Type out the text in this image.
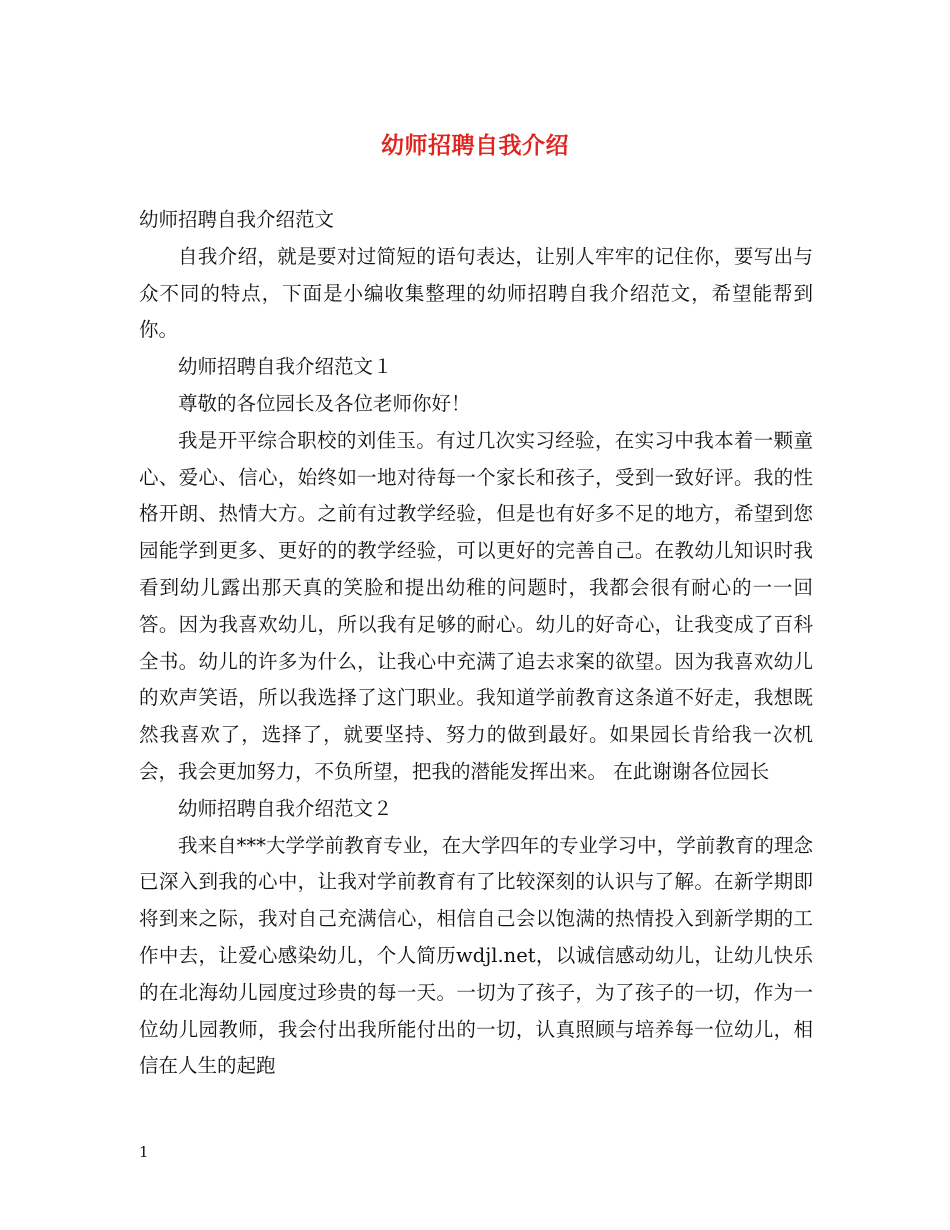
幼师招聘自我介绍

幼师招聘自我介绍范文

自我介绍，就是要对过简短的语句表达，让别人牢牢的记住你，要写出与众不同的特点，下面是小编收集整理的幼师招聘自我介绍范文，希望能帮到你。

幼师招聘自我介绍范文１

尊敬的各位园长及各位老师你好！

我是开平综合职校的刘佳玉。有过几次实习经验，在实习中我本着一颗童心、爱心、信心，始终如一地对待每一个家长和孩子，受到一致好评。我的性格开朗、热情大方。之前有过教学经验，但是也有好多不足的地方，希望到您园能学到更多、更好的的教学经验，可以更好的完善自己。在教幼儿知识时我看到幼儿露出那天真的笑脸和提出幼稚的问题时，我都会很有耐心的一一回答。因为我喜欢幼儿，所以我有足够的耐心。幼儿的好奇心，让我变成了百科全书。幼儿的许多为什么，让我心中充满了追去求案的欲望。因为我喜欢幼儿的欢声笑语，所以我选择了这门职业。我知道学前教育这条道不好走，我想既然我喜欢了，选择了，就要坚持、努力的做到最好。如果园长肯给我一次机会，我会更加努力，不负所望，把我的潜能发挥出来。 在此谢谢各位园长

幼师招聘自我介绍范文２

我来自***大学学前教育专业，在大学四年的专业学习中，学前教育的理念已深入到我的心中，让我对学前教育有了比较深刻的认识与了解。在新学期即将到来之际，我对自己充满信心，相信自己会以饱满的热情投入到新学期的工作中去，让爱心感染幼儿，个人简历wdjl.net，以诚信感动幼儿，让幼儿快乐的在北海幼儿园度过珍贵的每一天。一切为了孩子，为了孩子的一切，作为一位幼儿园教师，我会付出我所能付出的一切，认真照顾与培养每一位幼儿，相信在人生的起跑

1
